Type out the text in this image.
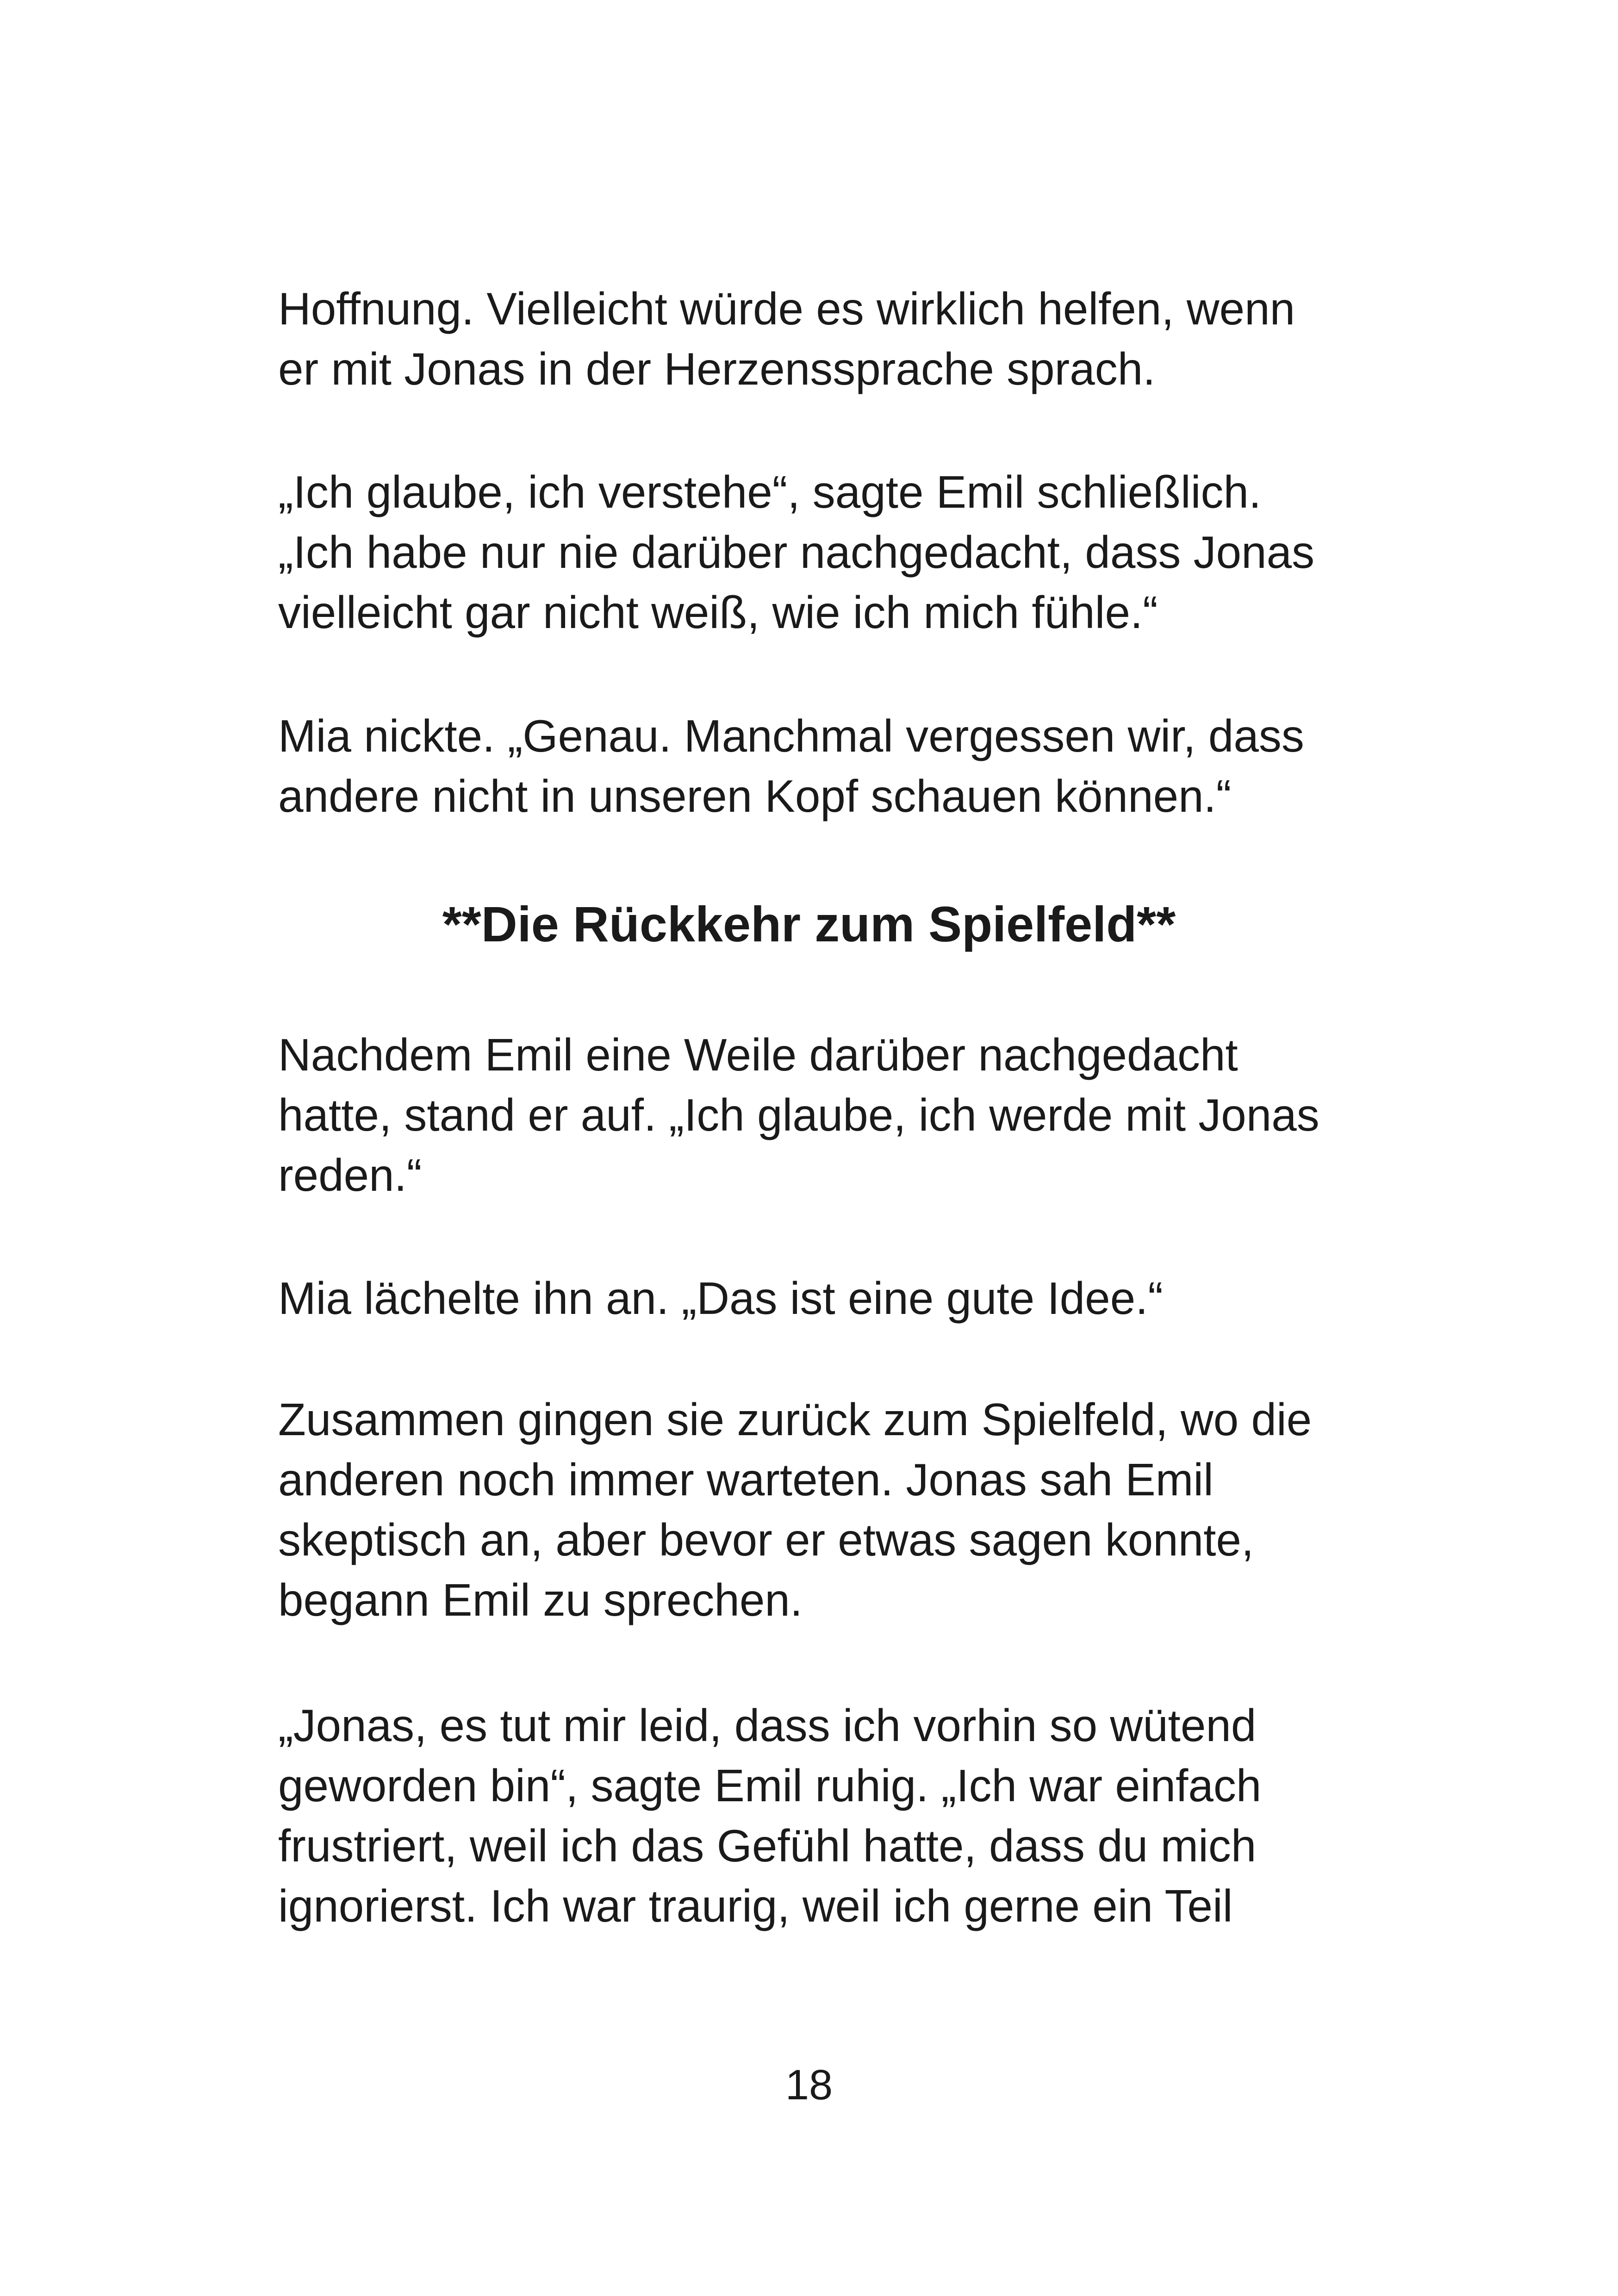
Hoffnung. Vielleicht würde es wirklich helfen, wenn

er mit Jonas in der Herzenssprache sprach.

„Ich glaube, ich verstehe“, sagte Emil schließlich.

„Ich habe nur nie darüber nachgedacht, dass Jonas

vielleicht gar nicht weiß, wie ich mich fühle.“

Mia nickte. „Genau. Manchmal vergessen wir, dass

andere nicht in unseren Kopf schauen können.“

**Die Rückkehr zum Spielfeld**

Nachdem Emil eine Weile darüber nachgedacht

hatte, stand er auf. „Ich glaube, ich werde mit Jonas

reden.“

Mia lächelte ihn an. „Das ist eine gute Idee.“

Zusammen gingen sie zurück zum Spielfeld, wo die

anderen noch immer warteten. Jonas sah Emil

skeptisch an, aber bevor er etwas sagen konnte,

begann Emil zu sprechen.

„Jonas, es tut mir leid, dass ich vorhin so wütend

geworden bin“, sagte Emil ruhig. „Ich war einfach

frustriert, weil ich das Gefühl hatte, dass du mich

ignorierst. Ich war traurig, weil ich gerne ein Teil

18
